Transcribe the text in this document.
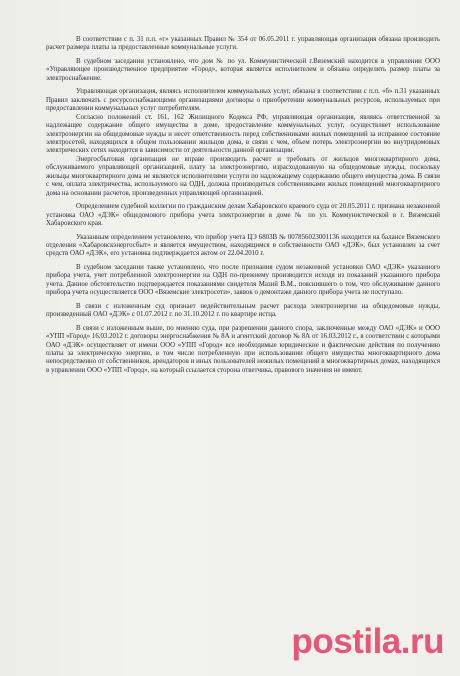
В соответствии с п. 31 п.п. «г» указанных Правил № 354 от 06.05.2011 г. управляющая организация обязана производить расчет размера платы за предоставленные коммунальные услуги.

В судебном заседании установлено, что дом № по ул. Коммунистической г.Вяземский находится в управлении ООО «Управляющее производственное предприятие «Город», которая является исполнителем и обязана определять размер платы за электроснабжение.

Управляющая организация, являясь исполнителем коммунальных услуг, обязана в соответствии с п.п. «б» п.31 указанных Правил заключать с ресурсоснабжающими организациями договоры о приобретении коммунальных ресурсов, используемых при предоставлении коммунальных услуг потребителям.

Согласно положений ст. 161, 162 Жилищного Кодекса РФ, управляющая организация, являясь ответственной за надлежащее содержание общего имущества в доме, предоставление коммунальных услуг, осуществляет использование электроэнергии на общедомовые нужды и несет ответственность перед собственниками жилых помещений за исправное состояние электросетей, находящихся в общем пользовании жильцов дома, в связи с чем, объем потерь электроэнергии во внутридомовых электрических сетях находится в зависимости от деятельности данной организации.

Энергосбытовая организация не вправе производить расчет и требовать от жильцов многоквартирного дома, обслуживаемого управляющей организацией, плату за электроэнергию, израсходованную на общедомовые нужды, поскольку жильцы многоквартирного дома не являются исполнителями услуги по надлежащему содержанию общего имущества дома. В связи с чем, оплата электричества, используемого на ОДН, должна производиться собственниками жилых помещений многоквартирного дома на основании расчетов, произведенных управляющей организацией.

Определением судебной коллегии по гражданским делам Хабаровского краевого суда от 20.05.2011 г. признана незаконной установка ОАО «ДЭК» общедомового прибора учета электроэнергии в доме № по ул. Коммунистической в г. Вяземский Хабаровского края.

Указанным определением установлено, что прибор учета ЦЭ 6803В № 007856023001136 находится на балансе Вяземского отделения «Хабаровскэнергосбыт» и является имуществом, находящимся в собственности ОАО «ДЭК», был установлен за счет средств ОАО «ДЭК», его установка подтверждается актом от 22.04.2010 г.

В судебном заседании также установлено, что после признания судом незаконной установки ОАО «ДЭК» указанного прибора учета, учет потребленной электроэнергии на ОДН по-прежнему производится исходя из показаний указанного прибора учета. Данное обстоятельство подтверждается показаниями свидетеля Мазий В.М., пояснившего о том, что обслуживание данного прибора учета осуществляется ООО «Вяземские электросети», заявок о демонтаже данного прибора учета не поступало.

В связи с изложенным суд признает недействительным расчет расхода электроэнергии на общедомовые нужды, произведенный ОАО «ДЭК» с 01.07.2012 г. по 31.10.2012 г. по квартире истца.

В связи с изложенным выше, по мнению суда, при разрешении данного спора, заключенные между ОАО «ДЭК» и ООО «УПП «Город» 16.03.2012 г. договоры энергоснабжения № 8А и агентский договор № 8А от 16.03.2012 г., в соответствии с которыми ОАО «ДЭК» осуществляет от имени ООО «УПП «Город» все необходимые юридические и фактические действия по получению платы за электрическую энергию, в том числе потребленную при использовании общего имущества многоквартирного дома непосредственно от собственников, арендаторов и иных пользователей нежилых помещений в многоквартирных домах, находящихся в управлении ООО «УПП «Город», на который ссылается сторона ответчика, правового значения не имеют.

postila.ru
